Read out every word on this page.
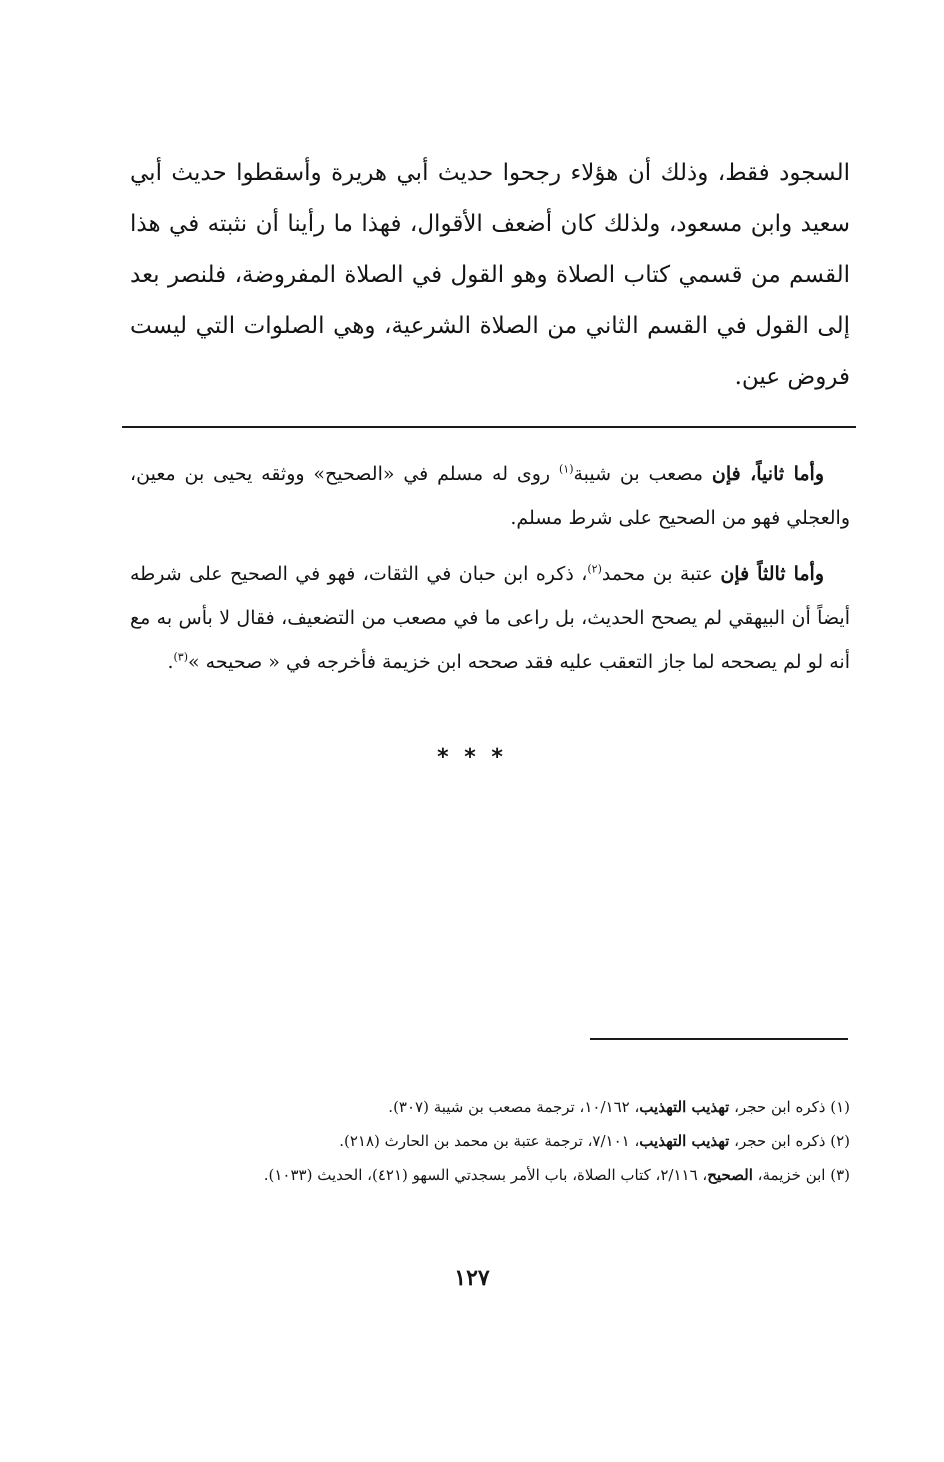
السجود فقط، وذلك أن هؤلاء رجحوا حديث أبي هريرة وأسقطوا حديث أبي سعيد وابن مسعود، ولذلك كان أضعف الأقوال، فهذا ما رأينا أن نثبته في هذا القسم من قسمي كتاب الصلاة وهو القول في الصلاة المفروضة، فلنصر بعد إلى القول في القسم الثاني من الصلاة الشرعية، وهي الصلوات التي ليست فروض عين.

وأما ثانياً، فإن مصعب بن شيبة$^{(١)}$ روى له مسلم في «الصحيح» ووثقه يحيى بن معين، والعجلي فهو من الصحيح على شرط مسلم.

وأما ثالثاً فإن عتبة بن محمد$^{(٢)}$، ذكره ابن حبان في الثقات، فهو في الصحيح على شرطه أيضاً أن البيهقي لم يصحح الحديث، بل راعى ما في مصعب من التضعيف، فقال لا بأس به مع أنه لو لم يصححه لما جاز التعقب عليه فقد صححه ابن خزيمة فأخرجه في « صحيحه »$^{(٣)}$.

* * *

(١) ذكره ابن حجر، تهذيب التهذيب، ١٠/١٦٢، ترجمة مصعب بن شيبة (٣٠٧).

(٢) ذكره ابن حجر، تهذيب التهذيب، ٧/١٠١، ترجمة عتبة بن محمد بن الحارث (٢١٨).

(٣) ابن خزيمة، الصحيح، ٢/١١٦، كتاب الصلاة، باب الأمر بسجدتي السهو (٤٢١)، الحديث (١٠٣٣).

١٢٧
